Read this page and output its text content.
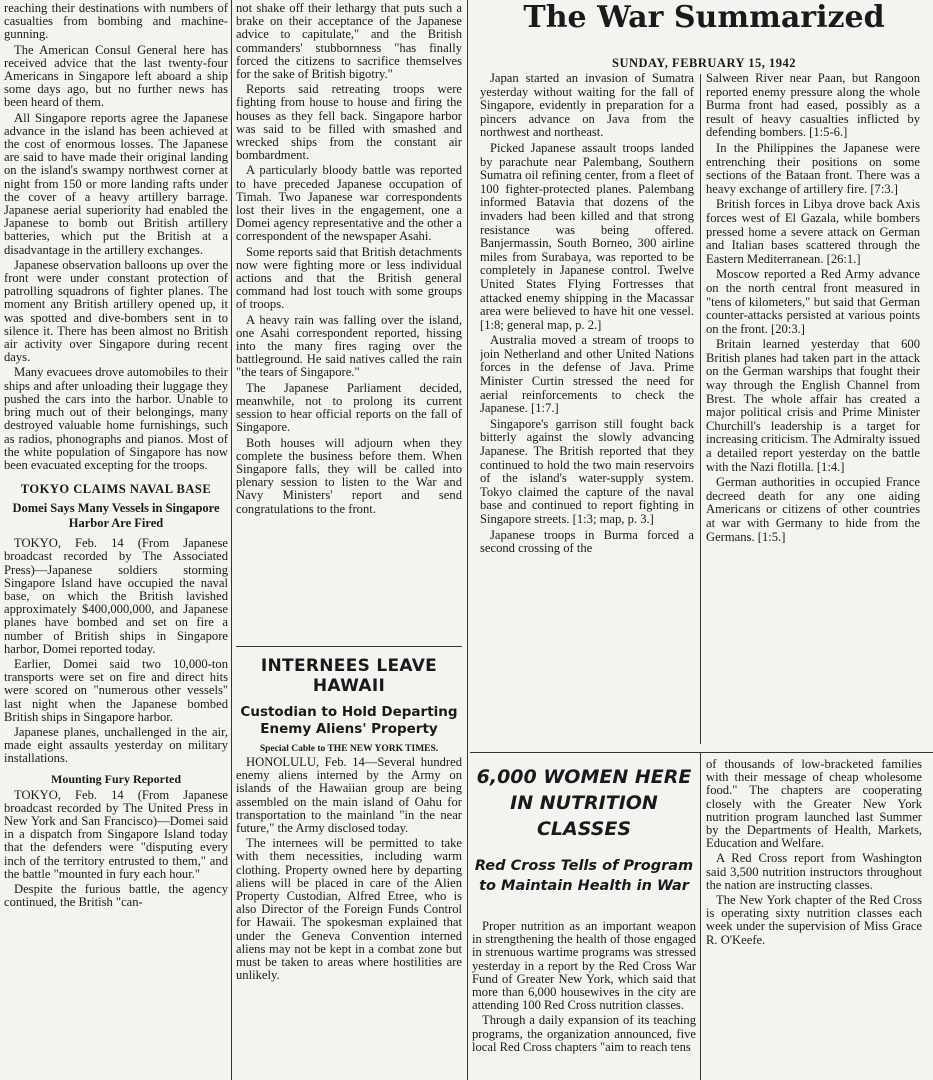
reaching their destinations with numbers of casualties from bombing and machine-gunning.

The American Consul General here has received advice that the last twenty-four Americans in Singapore left aboard a ship some days ago, but no further news has been heard of them.

All Singapore reports agree the Japanese advance in the island has been achieved at the cost of enormous losses. The Japanese are said to have made their original landing on the island's swampy northwest corner at night from 150 or more landing rafts under the cover of a heavy artillery barrage. Japanese aerial superiority had enabled the Japanese to bomb out British artillery batteries, which put the British at a disadvantage in the artillery exchanges.

Japanese observation balloons up over the front were under constant protection of patrolling squadrons of fighter planes. The moment any British artillery opened up, it was spotted and dive-bombers sent in to silence it. There has been almost no British air activity over Singapore during recent days.

Many evacuees drove automobiles to their ships and after unloading their luggage they pushed the cars into the harbor. Unable to bring much out of their belongings, many destroyed valuable home furnishings, such as radios, phonographs and pianos. Most of the white population of Singapore has now been evacuated excepting for the troops.

TOKYO CLAIMS NAVAL BASE
Domei Says Many Vessels in Singapore Harbor Are Fired

TOKYO, Feb. 14 (From Japanese broadcast recorded by The Associated Press)—Japanese soldiers storming Singapore Island have occupied the naval base, on which the British lavished approximately $400,000,000, and Japanese planes have bombed and set on fire a number of British ships in Singapore harbor, Domei reported today.

Earlier, Domei said two 10,000-ton transports were set on fire and direct hits were scored on "numerous other vessels" last night when the Japanese bombed British ships in Singapore harbor.

Japanese planes, unchallenged in the air, made eight assaults yesterday on military installations.

Mounting Fury Reported

TOKYO, Feb. 14 (From Japanese broadcast recorded by The United Press in New York and San Francisco)—Domei said in a dispatch from Singapore Island today that the defenders were "disputing every inch of the territory entrusted to them," and the battle "mounted in fury each hour."

Despite the furious battle, the agency continued, the British "can-

not shake off their lethargy that puts such a brake on their acceptance of the Japanese advice to capitulate," and the British commanders' stubbornness "has finally forced the citizens to sacrifice themselves for the sake of British bigotry."

Reports said retreating troops were fighting from house to house and firing the houses as they fell back. Singapore harbor was said to be filled with smashed and wrecked ships from the constant air bombardment.

A particularly bloody battle was reported to have preceded Japanese occupation of Timah. Two Japanese war correspondents lost their lives in the engagement, one a Domei agency representative and the other a correspondent of the newspaper Asahi.

Some reports said that British detachments now were fighting more or less individual actions and that the British general command had lost touch with some groups of troops.

A heavy rain was falling over the island, one Asahi correspondent reported, hissing into the many fires raging over the battleground. He said natives called the rain "the tears of Singapore."

The Japanese Parliament decided, meanwhile, not to prolong its current session to hear official reports on the fall of Singapore.

Both houses will adjourn when they complete the business before them. When Singapore falls, they will be called into plenary session to listen to the War and Navy Ministers' report and send congratulations to the front.

INTERNEES LEAVE HAWAII
Custodian to Hold Departing Enemy Aliens' Property
Special Cable to THE NEW YORK TIMES.

HONOLULU, Feb. 14—Several hundred enemy aliens interned by the Army on islands of the Hawaiian group are being assembled on the main island of Oahu for transportation to the mainland "in the near future," the Army disclosed today.

The internees will be permitted to take with them necessities, including warm clothing. Property owned here by departing aliens will be placed in care of the Alien Property Custodian, Alfred Etree, who is also Director of the Foreign Funds Control for Hawaii. The spokesman explained that under the Geneva Convention interned aliens may not be kept in a combat zone but must be taken to areas where hostilities are unlikely.

The War Summarized
SUNDAY, FEBRUARY 15, 1942

Japan started an invasion of Sumatra yesterday without waiting for the fall of Singapore, evidently in preparation for a pincers advance on Java from the northwest and northeast.

Picked Japanese assault troops landed by parachute near Palembang, Southern Sumatra oil refining center, from a fleet of 100 fighter-protected planes. Palembang informed Batavia that dozens of the invaders had been killed and that strong resistance was being offered. Banjermassin, South Borneo, 300 airline miles from Surabaya, was reported to be completely in Japanese control. Twelve United States Flying Fortresses that attacked enemy shipping in the Macassar area were believed to have hit one vessel. [1:8; general map, p. 2.]

Australia moved a stream of troops to join Netherland and other United Nations forces in the defense of Java. Prime Minister Curtin stressed the need for aerial reinforcements to check the Japanese. [1:7.]

Singapore's garrison still fought back bitterly against the slowly advancing Japanese. The British reported that they continued to hold the two main reservoirs of the island's water-supply system. Tokyo claimed the capture of the naval base and continued to report fighting in Singapore streets. [1:3; map, p. 3.]

Japanese troops in Burma forced a second crossing of the

Salween River near Paan, but Rangoon reported enemy pressure along the whole Burma front had eased, possibly as a result of heavy casualties inflicted by defending bombers. [1:5-6.]

In the Philippines the Japanese were entrenching their positions on some sections of the Bataan front. There was a heavy exchange of artillery fire. [7:3.]

British forces in Libya drove back Axis forces west of El Gazala, while bombers pressed home a severe attack on German and Italian bases scattered through the Eastern Mediterranean. [26:1.]

Moscow reported a Red Army advance on the north central front measured in "tens of kilometers," but said that German counter-attacks persisted at various points on the front. [20:3.]

Britain learned yesterday that 600 British planes had taken part in the attack on the German warships that fought their way through the English Channel from Brest. The whole affair has created a major political crisis and Prime Minister Churchill's leadership is a target for increasing criticism. The Admiralty issued a detailed report yesterday on the battle with the Nazi flotilla. [1:4.]

German authorities in occupied France decreed death for any one aiding Americans or citizens of other countries at war with Germany to hide from the Germans. [1:5.]

6,000 WOMEN HERE IN NUTRITION CLASSES
Red Cross Tells of Program to Maintain Health in War

Proper nutrition as an important weapon in strengthening the health of those engaged in strenuous wartime programs was stressed yesterday in a report by the Red Cross War Fund of Greater New York, which said that more than 6,000 housewives in the city are attending 100 Red Cross nutrition classes.

Through a daily expansion of its teaching programs, the organization announced, five local Red Cross chapters "aim to reach tens

of thousands of low-bracketed families with their message of cheap wholesome food." The chapters are cooperating closely with the Greater New York nutrition program launched last Summer by the Departments of Health, Markets, Education and Welfare.

A Red Cross report from Washington said 3,500 nutrition instructors throughout the nation are instructing classes.

The New York chapter of the Red Cross is operating sixty nutrition classes each week under the supervision of Miss Grace R. O'Keefe.
